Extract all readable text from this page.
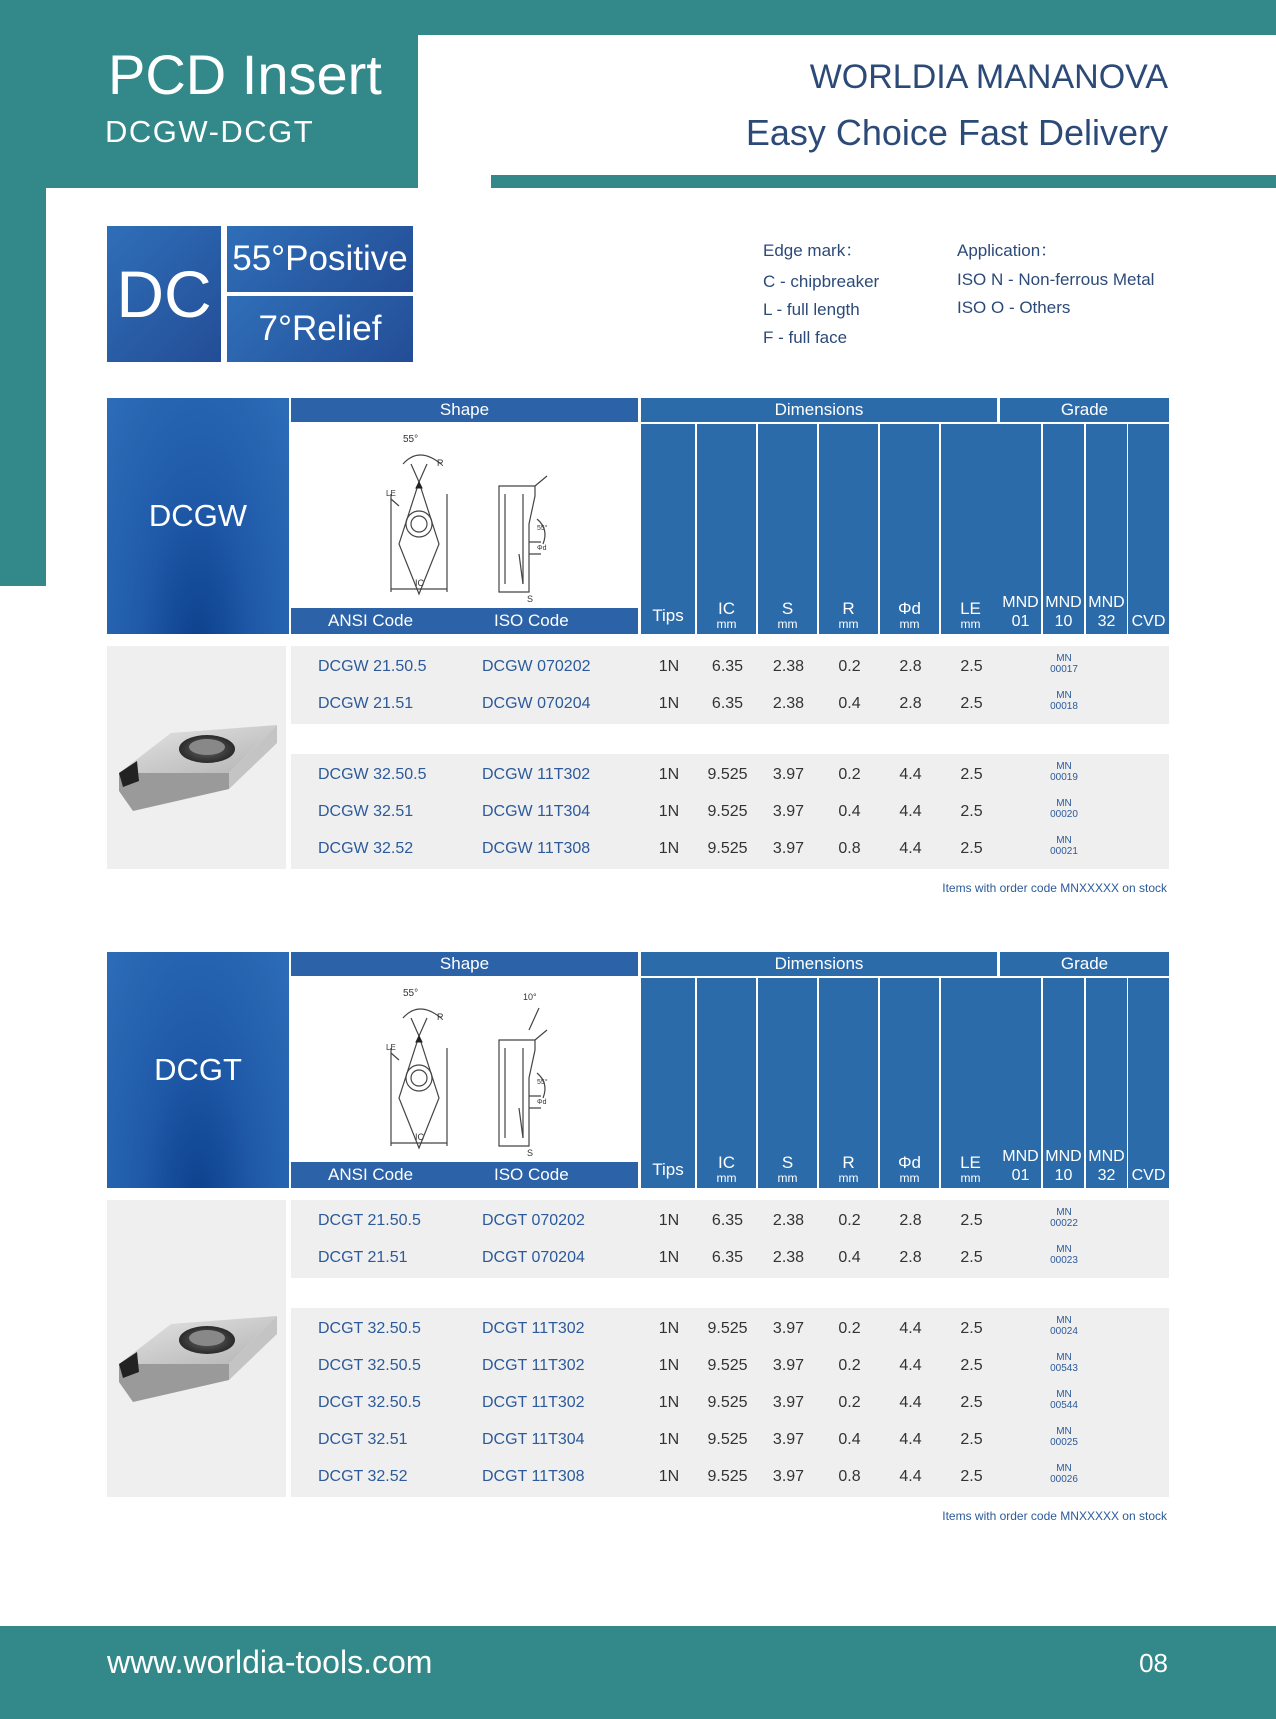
PCD Insert
DCGW-DCGT
WORLDIA MANANOVA
Easy Choice Fast Delivery
DC 55°Positive
7°Relief
Edge mark：
C - chipbreaker
L - full length
F - full face
Application：
ISO N - Non-ferrous Metal
ISO O - Others
DCGW
Shape	Dimensions	Grade
55°
R
IC
LE
S
55°
Φd
ANSI Code	ISO Code	Tips IC
mm
S
mm
R
mm
Φd
mm
LE
mm
MND
01
MND
10
MND
32 CVD
DCGW 21.50.5	DCGW 070202	1N	6.35	2.38	0.2	2.8	2.5	MN
00017
DCGW 21.51	DCGW 070204	1N	6.35	2.38	0.4	2.8	2.5	MN
00018
DCGW 32.50.5	DCGW 11T302	1N	9.525	3.97	0.2	4.4	2.5	MN
00019
DCGW 32.51	DCGW 11T304	1N	9.525	3.97	0.4	4.4	2.5	MN
00020
DCGW 32.52	DCGW 11T308	1N	9.525	3.97	0.8	4.4	2.5	MN
00021
Items with order code MNXXXXX on stock
DCGT
Shape	Dimensions	Grade
55°
R
IC
LE
S
55°
Φd
10°
ANSI Code	ISO Code	Tips IC
mm
S
mm
R
mm
Φd
mm
LE
mm
MND
01
MND
10
MND
32 CVD
DCGT 21.50.5	DCGT 070202	1N	6.35	2.38	0.2	2.8	2.5	MN
00022
DCGT 21.51	DCGT 070204	1N	6.35	2.38	0.4	2.8	2.5	MN
00023
DCGT 32.50.5	DCGT 11T302	1N	9.525	3.97	0.2	4.4	2.5	MN
00024
DCGT 32.50.5	DCGT 11T302	1N	9.525	3.97	0.2	4.4	2.5	MN
00543
DCGT 32.50.5	DCGT 11T302	1N	9.525	3.97	0.2	4.4	2.5	MN
00544
DCGT 32.51	DCGT 11T304	1N	9.525	3.97	0.4	4.4	2.5	MN
00025
DCGT 32.52	DCGT 11T308	1N	9.525	3.97	0.8	4.4	2.5	MN
00026
Items with order code MNXXXXX on stock
www.worldia-tools.com	08
